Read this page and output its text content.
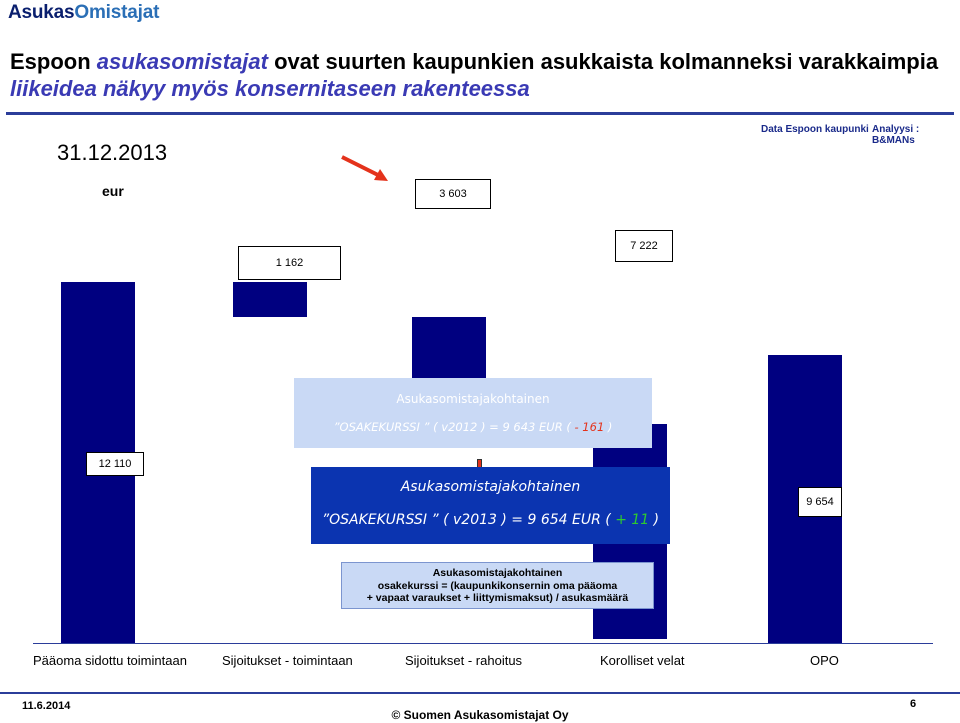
AsukasOmistajat
Espoon asukasomistajat ovat suurten kaupunkien asukkaista kolmanneksi varakkaimpia
liikeidea näkyy myös konsernitaseen rakenteessa
31.12.2013
Data Espoon kaupunki Analyysi : B&MANs
eur
1 162
3 603
7 222
12 110
9 654
Asukasomistajakohtainen
”OSAKEKURSSI ” ( v2012 ) = 9 643 EUR ( - 161 )
Asukasomistajakohtainen
”OSAKEKURSSI ” ( v2013 ) = 9 654 EUR ( + 11 )
Asukasomistajakohtainen
osakekurssi = (kaupunkikonsernin oma pääoma
+ vapaat varaukset + liittymismaksut) / asukasmäärä
Pääoma sidottu toimintaan	Sijoitukset - toimintaan	Sijoitukset - rahoitus	Korolliset velat	OPO
11.6.2014
© Suomen Asukasomistajat Oy
6
